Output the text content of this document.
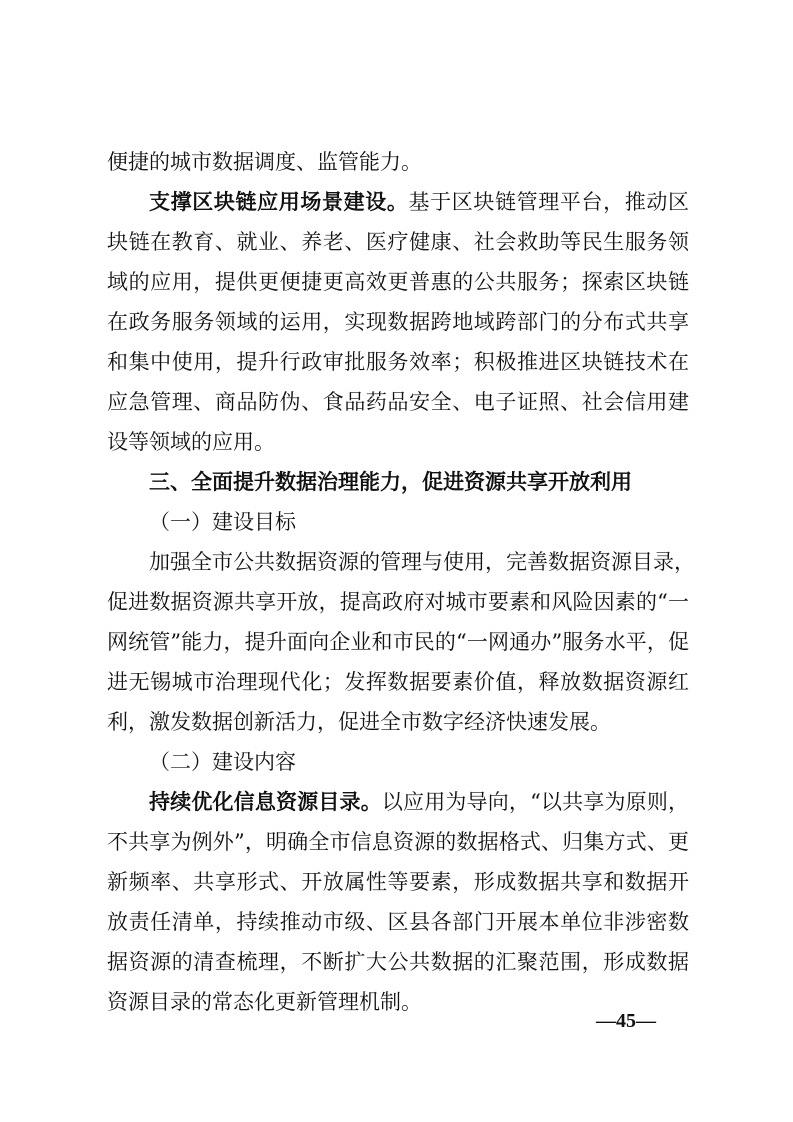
便捷的城市数据调度、监管能力。
支撑区块链应用场景建设。基于区块链管理平台，推动区
块链在教育、就业、养老、医疗健康、社会救助等民生服务领
域的应用，提供更便捷更高效更普惠的公共服务；探索区块链
在政务服务领域的运用，实现数据跨地域跨部门的分布式共享
和集中使用，提升行政审批服务效率；积极推进区块链技术在
应急管理、商品防伪、食品药品安全、电子证照、社会信用建
设等领域的应用。
三、全面提升数据治理能力，促进资源共享开放利用
（一）建设目标
加强全市公共数据资源的管理与使用，完善数据资源目录，
促进数据资源共享开放，提高政府对城市要素和风险因素的“一
网统管”能力，提升面向企业和市民的“一网通办”服务水平，促
进无锡城市治理现代化；发挥数据要素价值，释放数据资源红
利，激发数据创新活力，促进全市数字经济快速发展。
（二）建设内容
持续优化信息资源目录。以应用为导向，“以共享为原则，
不共享为例外”，明确全市信息资源的数据格式、归集方式、更
新频率、共享形式、开放属性等要素，形成数据共享和数据开
放责任清单，持续推动市级、区县各部门开展本单位非涉密数
据资源的清查梳理，不断扩大公共数据的汇聚范围，形成数据
资源目录的常态化更新管理机制。
—45—
